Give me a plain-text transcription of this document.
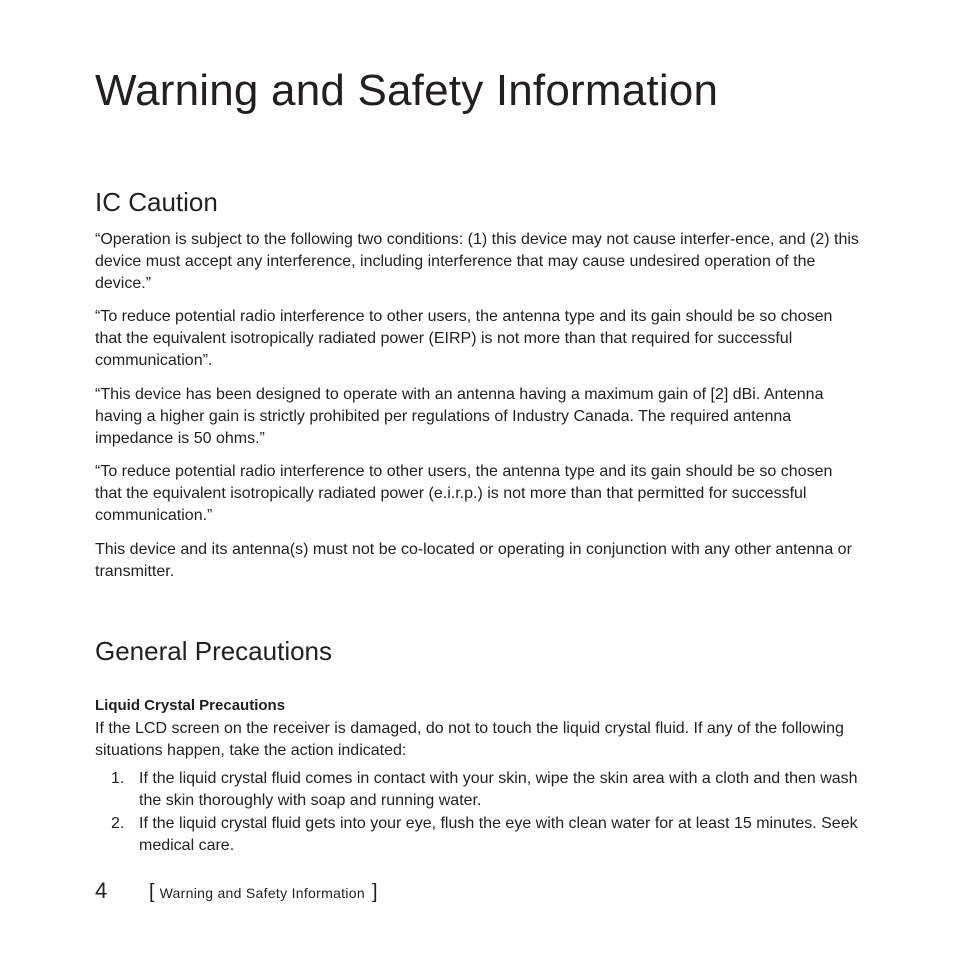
Warning and Safety Information
IC Caution

“Operation is subject to the following two conditions: (1) this device may not cause interfer-ence, and (2) this device must accept any interference, including interference that may cause undesired operation of the device.”

“To reduce potential radio interference to other users, the antenna type and its gain should be so chosen that the equivalent isotropically radiated power (EIRP) is not more than that required for successful communication”.

“This device has been designed to operate with an antenna having a maximum gain of [2] dBi. Antenna having a higher gain is strictly prohibited per regulations of Industry Canada. The required antenna impedance is 50 ohms.”

“To reduce potential radio interference to other users, the antenna type and its gain should be so chosen that the equivalent isotropically radiated power (e.i.r.p.) is not more than that permitted for successful communication.”

This device and its antenna(s) must not be co-located or operating in conjunction with any other antenna or transmitter.

General Precautions
Liquid Crystal Precautions

If the LCD screen on the receiver is damaged, do not to touch the liquid crystal fluid. If any of the following situations happen, take the action indicated:

1. If the liquid crystal fluid comes in contact with your skin, wipe the skin area with a cloth and then wash the skin thoroughly with soap and running water.
2. If the liquid crystal fluid gets into your eye, flush the eye with clean water for at least 15 minutes. Seek medical care.
4	[ Warning and Safety Information ]
